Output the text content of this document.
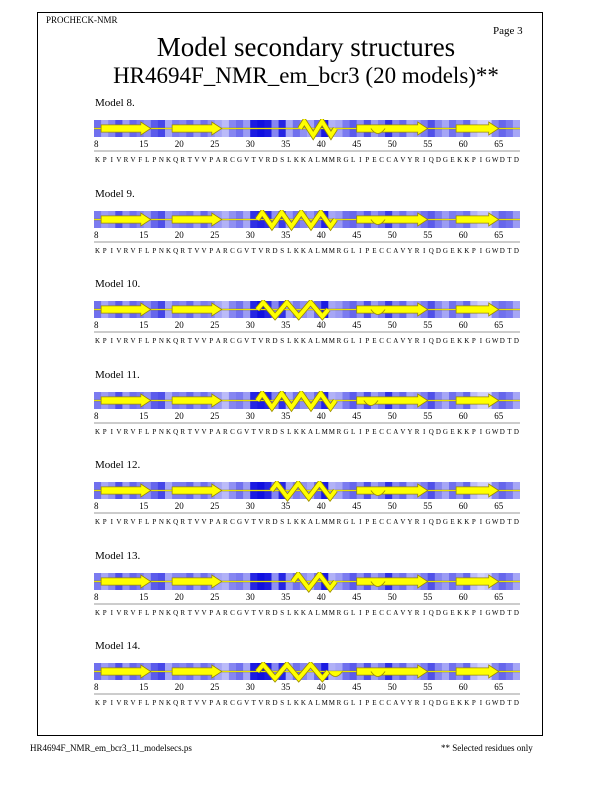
PROCHECK-NMR
Page 3
Model secondary structures
HR4694F_NMR_em_bcr3 (20 models)**
Model 8.
8	15	20	25	30	35	40	45	50	55	60	65
K P I V R V F L P N K Q R T V V P A R C G V T V R D S L K K A L M M R G L I P E C C A V Y R I Q D G E K K P I G W D T D
Model 9.
8	15	20	25	30	35	40	45	50	55	60	65
K P I V R V F L P N K Q R T V V P A R C G V T V R D S L K K A L M M R G L I P E C C A V Y R I Q D G E K K P I G W D T D
Model 10.
8	15	20	25	30	35	40	45	50	55	60	65
K P I V R V F L P N K Q R T V V P A R C G V T V R D S L K K A L M M R G L I P E C C A V Y R I Q D G E K K P I G W D T D
Model 11.
8	15	20	25	30	35	40	45	50	55	60	65
K P I V R V F L P N K Q R T V V P A R C G V T V R D S L K K A L M M R G L I P E C C A V Y R I Q D G E K K P I G W D T D
Model 12.
8	15	20	25	30	35	40	45	50	55	60	65
K P I V R V F L P N K Q R T V V P A R C G V T V R D S L K K A L M M R G L I P E C C A V Y R I Q D G E K K P I G W D T D
Model 13.
8	15	20	25	30	35	40	45	50	55	60	65
K P I V R V F L P N K Q R T V V P A R C G V T V R D S L K K A L M M R G L I P E C C A V Y R I Q D G E K K P I G W D T D
Model 14.
8	15	20	25	30	35	40	45	50	55	60	65
K P I V R V F L P N K Q R T V V P A R C G V T V R D S L K K A L M M R G L I P E C C A V Y R I Q D G E K K P I G W D T D
HR4694F_NMR_em_bcr3_11_modelsecs.ps	** Selected residues only
